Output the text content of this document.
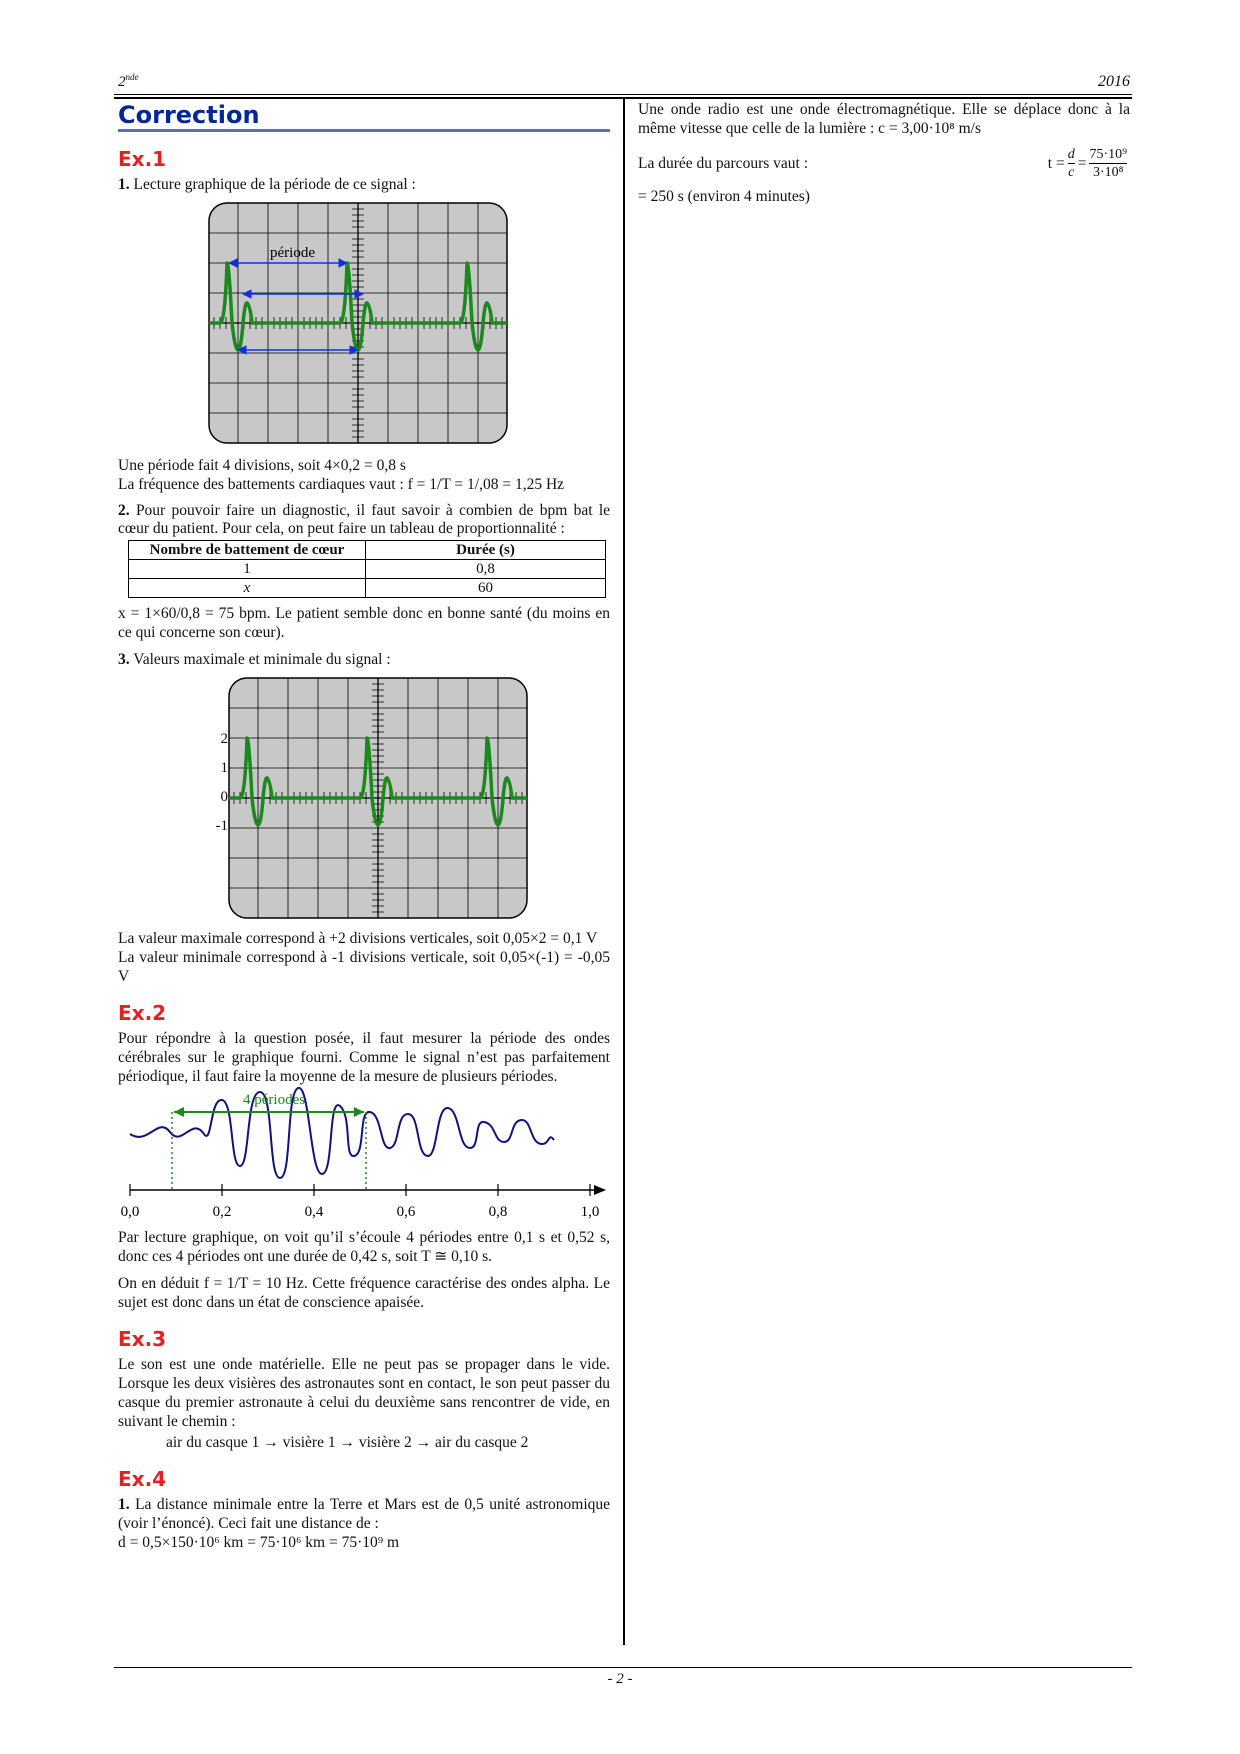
2nde	2016
Correction
Ex.1

1. Lecture graphique de la période de ce signal :

période
Une période fait 4 divisions, soit 4×0,2 = 0,8 s
La fréquence des battements cardiaques vaut : f = 1/T = 1/,08 = 1,25 Hz

2. Pour pouvoir faire un diagnostic, il faut savoir à combien de bpm bat le cœur du patient. Pour cela, on peut faire un tableau de proportionnalité :

Nombre de battement de cœur	Durée (s)
1	0,8
x	60

x = 1×60/0,8 = 75 bpm. Le patient semble donc en bonne santé (du moins en ce qui concerne son cœur).

3. Valeurs maximale et minimale du signal :

2
1
0
-1

La valeur maximale correspond à +2 divisions verticales, soit 0,05×2 = 0,1 V

La valeur minimale correspond à -1 divisions verticale, soit 0,05×(-1) = -0,05 V

Ex.2

Pour répondre à la question posée, il faut mesurer la période des ondes cérébrales sur le graphique fourni. Comme le signal n’est pas parfaitement périodique, il faut faire la moyenne de la mesure de plusieurs périodes.

4 périodes
0,0	0,2	0,4	0,6	0,8	1,0

Par lecture graphique, on voit qu’il s’écoule 4 périodes entre 0,1 s et 0,52 s, donc ces 4 périodes ont une durée de 0,42 s, soit T ≅ 0,10 s.

On en déduit f = 1/T = 10 Hz. Cette fréquence caractérise des ondes alpha. Le sujet est donc dans un état de conscience apaisée.

Ex.3

Le son est une onde matérielle. Elle ne peut pas se propager dans le vide. Lorsque les deux visières des astronautes sont en contact, le son peut passer du casque du premier astronaute à celui du deuxième sans rencontrer de vide, en suivant le chemin :

air du casque 1 → visière 1 → visière 2 → air du casque 2

Ex.4

1. La distance minimale entre la Terre et Mars est de 0,5 unité astronomique (voir l’énoncé). Ceci fait une distance de :

d = 0,5×150·10⁶ km = 75·10⁶ km = 75·10⁹ m

Une onde radio est une onde électromagnétique. Elle se déplace donc à la même vitesse que celle de la lumière : c = 3,00·10⁸ m/s

La durée du parcours vaut :	$t = \frac{d}{c} = \frac{\text{75·10⁹}}{\text{3·10⁸}}$

= 250 s (environ 4 minutes)

- 2 -
